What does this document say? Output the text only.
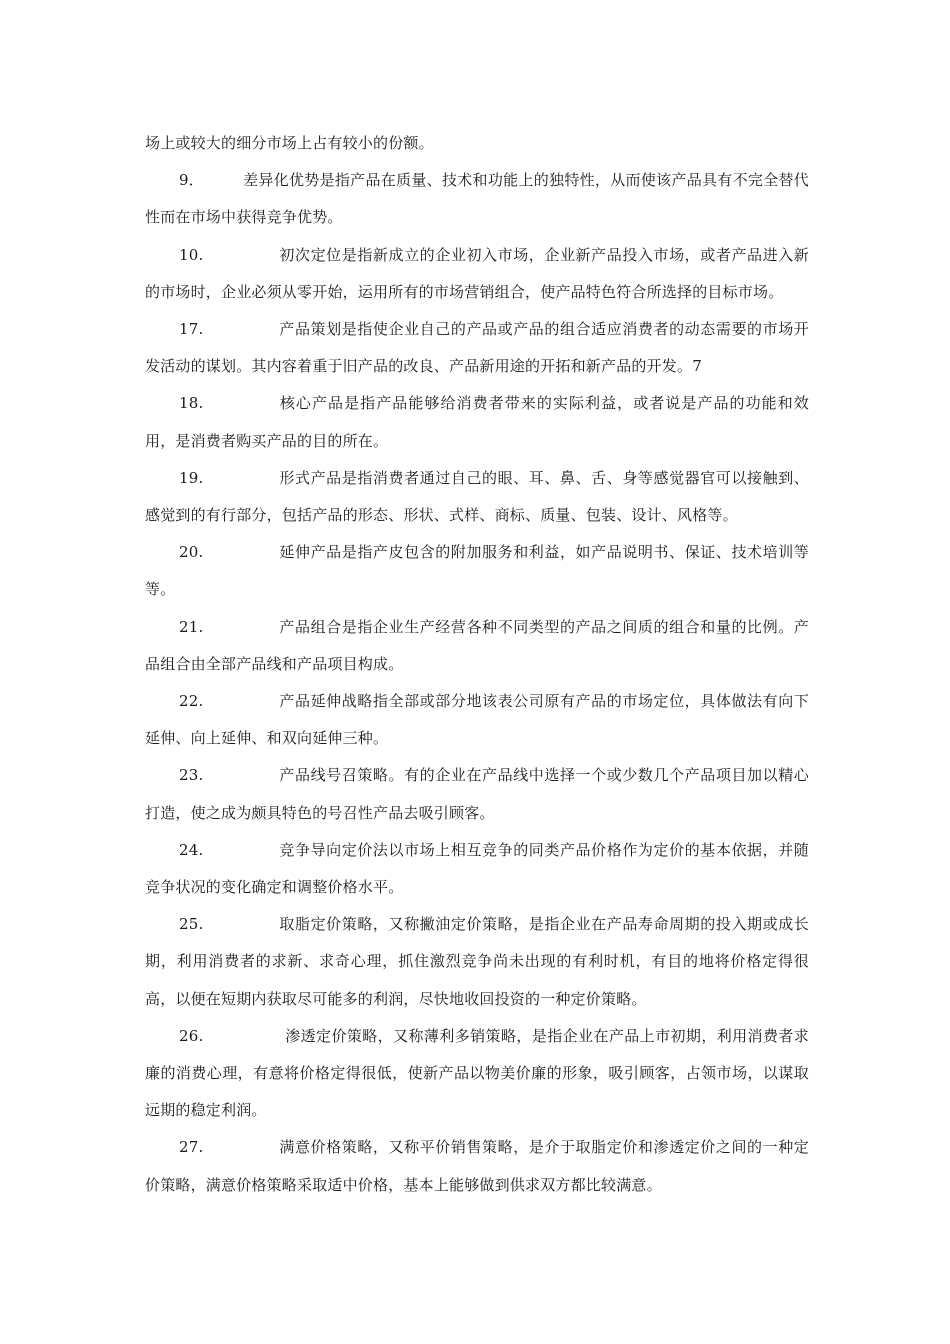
场上或较大的细分市场上占有较小的份额。

9．	差异化优势是指产品在质量、技术和功能上的独特性，从而使该产品具有不完全替代性而在市场中获得竞争优势。

10.	初次定位是指新成立的企业初入市场，企业新产品投入市场，或者产品进入新的市场时，企业必须从零开始，运用所有的市场营销组合，使产品特色符合所选择的目标市场。

17.	产品策划是指使企业自己的产品或产品的组合适应消费者的动态需要的市场开发活动的谋划。其内容着重于旧产品的改良、产品新用途的开拓和新产品的开发。7

18.	核心产品是指产品能够给消费者带来的实际利益，或者说是产品的功能和效用，是消费者购买产品的目的所在。

19.	形式产品是指消费者通过自己的眼、耳、鼻、舌、身等感觉器官可以接触到、感觉到的有行部分，包括产品的形态、形状、式样、商标、质量、包装、设计、风格等。

20.	延伸产品是指产皮包含的附加服务和利益，如产品说明书、保证、技术培训等等。

21.	产品组合是指企业生产经营各种不同类型的产品之间质的组合和量的比例。产品组合由全部产品线和产品项目构成。

22.	产品延伸战略指全部或部分地该表公司原有产品的市场定位，具体做法有向下延伸、向上延伸、和双向延伸三种。

23.	产品线号召策略。有的企业在产品线中选择一个或少数几个产品项目加以精心打造，使之成为颇具特色的号召性产品去吸引顾客。

24.	竞争导向定价法以市场上相互竞争的同类产品价格作为定价的基本依据，并随竞争状况的变化确定和调整价格水平。

25.	取脂定价策略，又称撇油定价策略，是指企业在产品寿命周期的投入期或成长期，利用消费者的求新、求奇心理，抓住激烈竞争尚未出现的有利时机，有目的地将价格定得很高，以便在短期内获取尽可能多的利润，尽快地收回投资的一种定价策略。

26.	渗透定价策略，又称薄利多销策略，是指企业在产品上市初期，利用消费者求廉的消费心理，有意将价格定得很低，使新产品以物美价廉的形象，吸引顾客，占领市场，以谋取远期的稳定利润。

27.	满意价格策略，又称平价销售策略，是介于取脂定价和渗透定价之间的一种定价策略，满意价格策略采取适中价格，基本上能够做到供求双方都比较满意。
